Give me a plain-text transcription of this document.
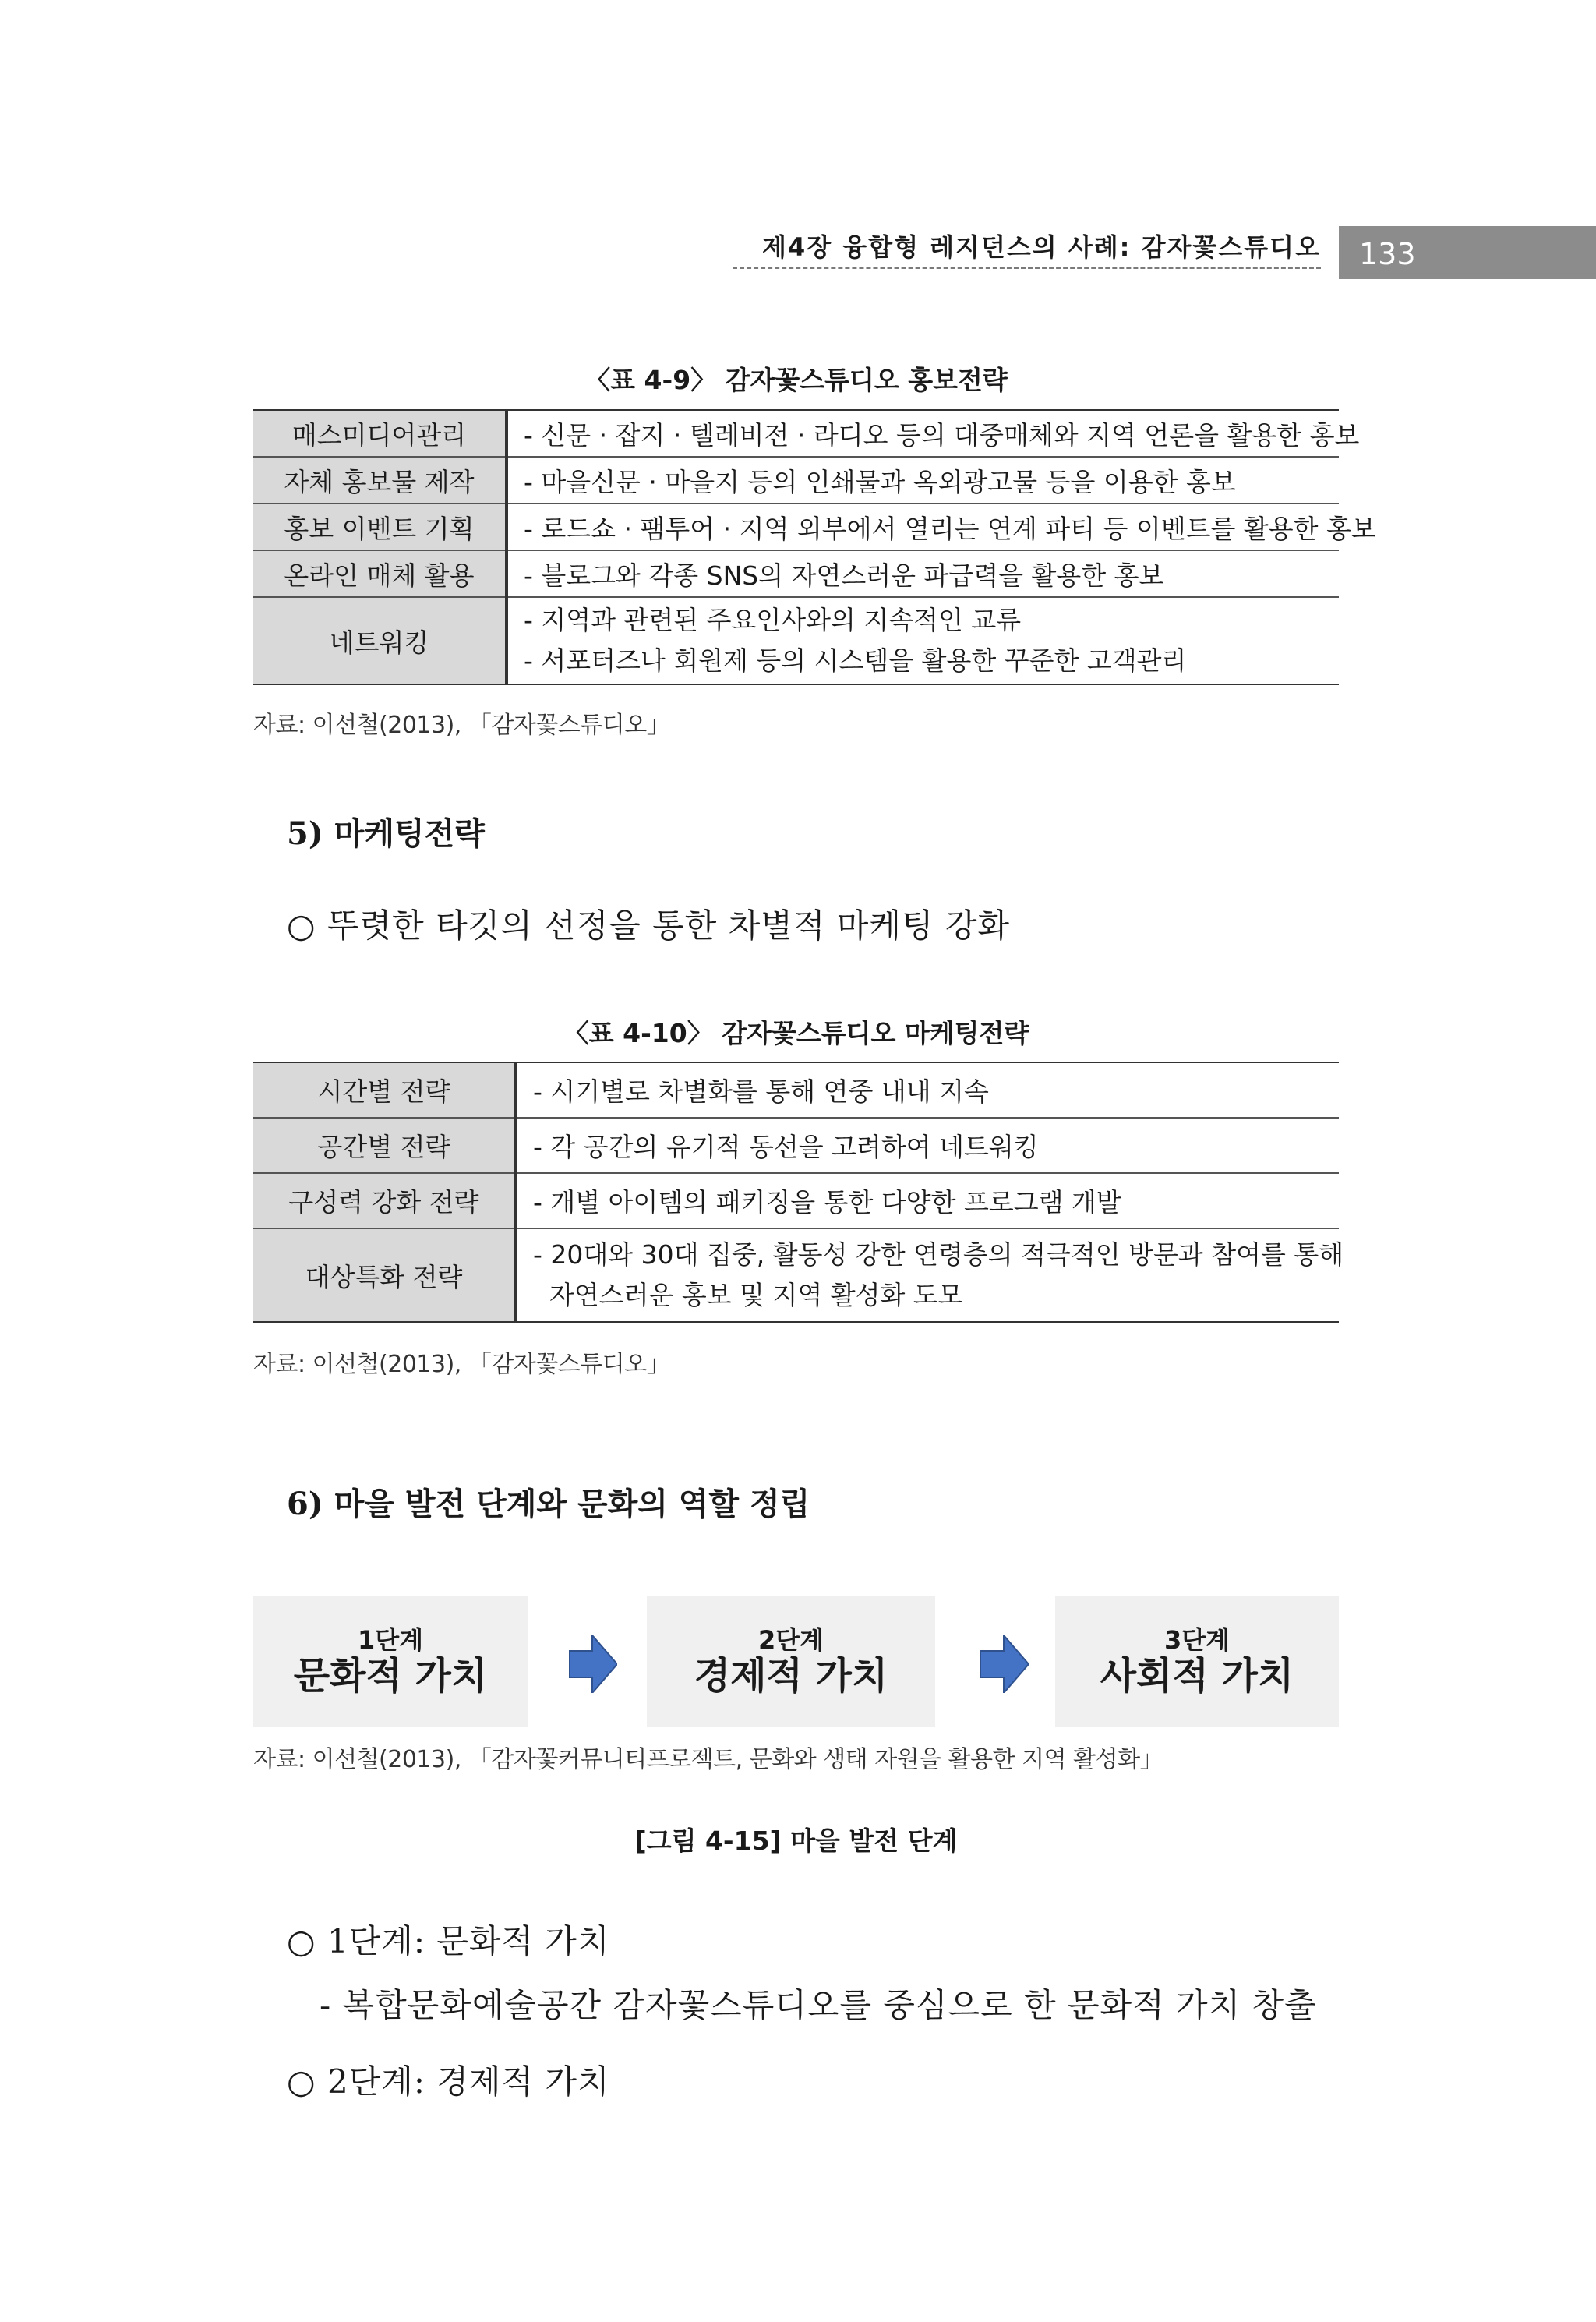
제4장 융합형 레지던스의 사례: 감자꽃스튜디오	133
〈표 4-9〉 감자꽃스튜디오 홍보전략
매스미디어관리	- 신문 · 잡지 · 텔레비전 · 라디오 등의 대중매체와 지역 언론을 활용한 홍보
자체 홍보물 제작	- 마을신문 · 마을지 등의 인쇄물과 옥외광고물 등을 이용한 홍보
홍보 이벤트 기획	- 로드쇼 · 팸투어 · 지역 외부에서 열리는 연계 파티 등 이벤트를 활용한 홍보
온라인 매체 활용	- 블로그와 각종 SNS의 자연스러운 파급력을 활용한 홍보
네트워킹	- 지역과 관련된 주요인사와의 지속적인 교류
- 서포터즈나 회원제 등의 시스템을 활용한 꾸준한 고객관리
자료: 이선철(2013), 「감자꽃스튜디오」
5) 마케팅전략
○ 뚜렷한 타깃의 선정을 통한 차별적 마케팅 강화
〈표 4-10〉 감자꽃스튜디오 마케팅전략
시간별 전략	- 시기별로 차별화를 통해 연중 내내 지속
공간별 전략	- 각 공간의 유기적 동선을 고려하여 네트워킹
구성력 강화 전략	- 개별 아이템의 패키징을 통한 다양한 프로그램 개발
대상특화 전략	- 20대와 30대 집중, 활동성 강한 연령층의 적극적인 방문과 참여를 통해
자연스러운 홍보 및 지역 활성화 도모
자료: 이선철(2013), 「감자꽃스튜디오」
6) 마을 발전 단계와 문화의 역할 정립
1단계
문화적 가치
2단계
경제적 가치
3단계
사회적 가치
자료: 이선철(2013), 「감자꽃커뮤니티프로젝트, 문화와 생태 자원을 활용한 지역 활성화」
[그림 4-15] 마을 발전 단계
○ 1단계: 문화적 가치
- 복합문화예술공간 감자꽃스튜디오를 중심으로 한 문화적 가치 창출
○ 2단계: 경제적 가치
